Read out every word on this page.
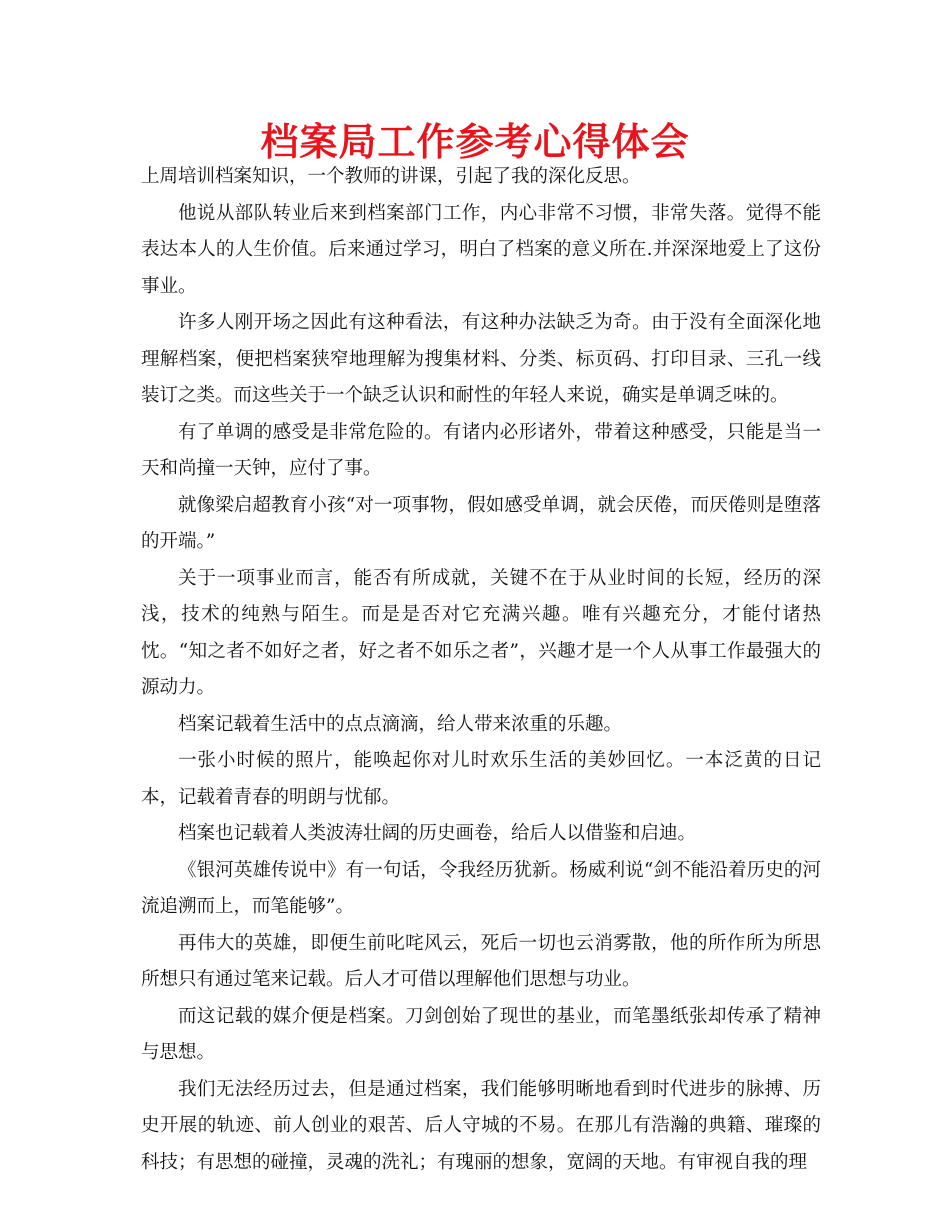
档案局工作参考心得体会

上周培训档案知识，一个教师的讲课，引起了我的深化反思。

他说从部队转业后来到档案部门工作，内心非常不习惯，非常失落。觉得不能表达本人的人生价值。后来通过学习，明白了档案的意义所在.并深深地爱上了这份事业。

许多人刚开场之因此有这种看法，有这种办法缺乏为奇。由于没有全面深化地理解档案，便把档案狭窄地理解为搜集材料、分类、标页码、打印目录、三孔一线装订之类。而这些关于一个缺乏认识和耐性的年轻人来说，确实是单调乏味的。

有了单调的感受是非常危险的。有诸内必形诸外，带着这种感受，只能是当一天和尚撞一天钟，应付了事。

就像梁启超教育小孩“对一项事物，假如感受单调，就会厌倦，而厌倦则是堕落的开端。”

关于一项事业而言，能否有所成就，关键不在于从业时间的长短，经历的深浅，技术的纯熟与陌生。而是是否对它充满兴趣。唯有兴趣充分，才能付诸热忱。“知之者不如好之者，好之者不如乐之者”，兴趣才是一个人从事工作最强大的源动力。

档案记载着生活中的点点滴滴，给人带来浓重的乐趣。

一张小时候的照片，能唤起你对儿时欢乐生活的美妙回忆。一本泛黄的日记本，记载着青春的明朗与忧郁。

档案也记载着人类波涛壮阔的历史画卷，给后人以借鉴和启迪。

《银河英雄传说中》有一句话，令我经历犹新。杨威利说“剑不能沿着历史的河流追溯而上，而笔能够”。

再伟大的英雄，即便生前叱咤风云，死后一切也云消雾散，他的所作所为所思所想只有通过笔来记载。后人才可借以理解他们思想与功业。

而这记载的媒介便是档案。刀剑创始了现世的基业，而笔墨纸张却传承了精神与思想。

我们无法经历过去，但是通过档案，我们能够明晰地看到时代进步的脉搏、历史开展的轨迹、前人创业的艰苦、后人守城的不易。在那儿有浩瀚的典籍、璀璨的科技；有思想的碰撞，灵魂的洗礼；有瑰丽的想象，宽阔的天地。有审视自我的理
